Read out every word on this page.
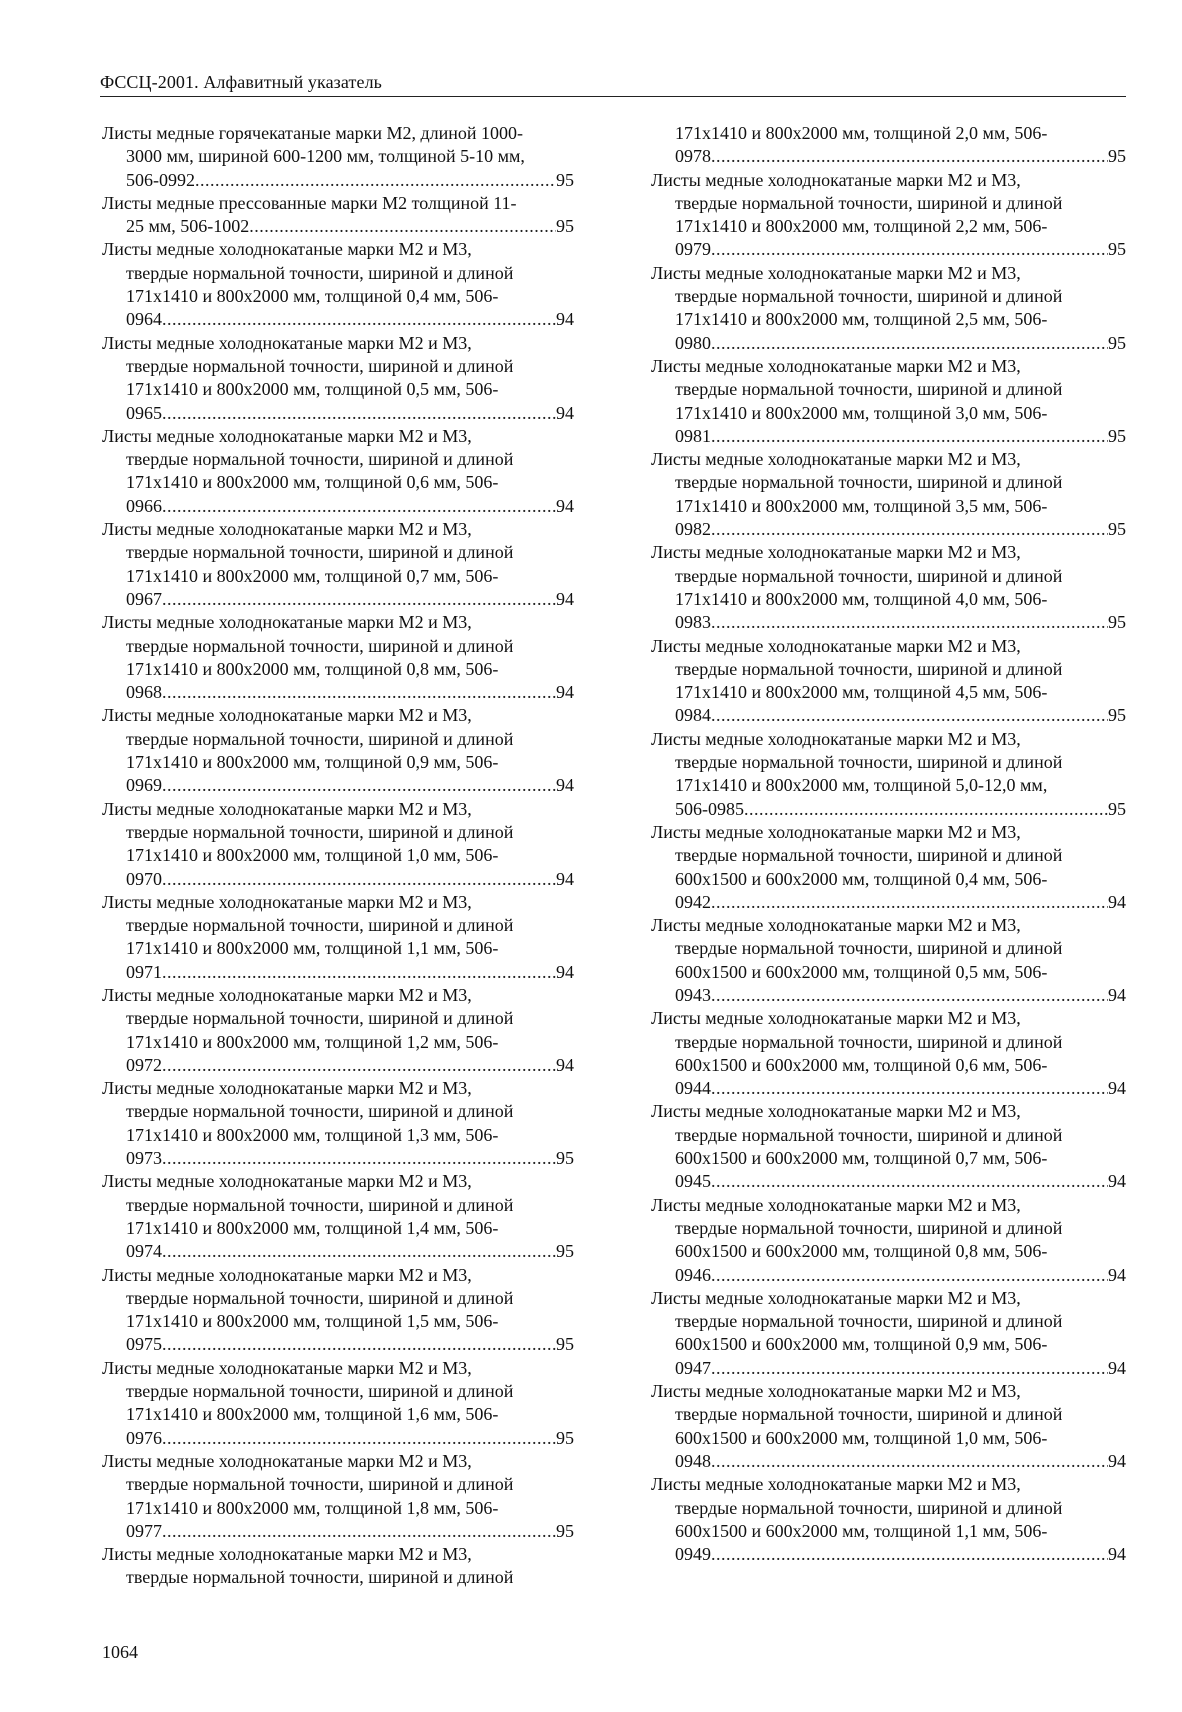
ФССЦ-2001. Алфавитный указатель
Листы медные горячекатаные марки М2, длиной 1000-
3000 мм, шириной 600-1200 мм, толщиной 5-10 мм,
506-0992 .....	95
Листы медные прессованные марки М2 толщиной 11-
25 мм, 506-1002 .....	95
Листы медные холоднокатаные марки М2 и М3,
твердые нормальной точности, шириной и длиной
171x1410 и 800x2000 мм, толщиной 0,4 мм, 506-
0964 .....	94
Листы медные холоднокатаные марки М2 и М3,
твердые нормальной точности, шириной и длиной
171x1410 и 800x2000 мм, толщиной 0,5 мм, 506-
0965 .....	94
Листы медные холоднокатаные марки М2 и М3,
твердые нормальной точности, шириной и длиной
171x1410 и 800x2000 мм, толщиной 0,6 мм, 506-
0966 .....	94
Листы медные холоднокатаные марки М2 и М3,
твердые нормальной точности, шириной и длиной
171x1410 и 800x2000 мм, толщиной 0,7 мм, 506-
0967 .....	94
Листы медные холоднокатаные марки М2 и М3,
твердые нормальной точности, шириной и длиной
171x1410 и 800x2000 мм, толщиной 0,8 мм, 506-
0968 .....	94
Листы медные холоднокатаные марки М2 и М3,
твердые нормальной точности, шириной и длиной
171x1410 и 800x2000 мм, толщиной 0,9 мм, 506-
0969 .....	94
Листы медные холоднокатаные марки М2 и М3,
твердые нормальной точности, шириной и длиной
171x1410 и 800x2000 мм, толщиной 1,0 мм, 506-
0970 .....	94
Листы медные холоднокатаные марки М2 и М3,
твердые нормальной точности, шириной и длиной
171x1410 и 800x2000 мм, толщиной 1,1 мм, 506-
0971 .....	94
Листы медные холоднокатаные марки М2 и М3,
твердые нормальной точности, шириной и длиной
171x1410 и 800x2000 мм, толщиной 1,2 мм, 506-
0972 .....	94
Листы медные холоднокатаные марки М2 и М3,
твердые нормальной точности, шириной и длиной
171x1410 и 800x2000 мм, толщиной 1,3 мм, 506-
0973 .....	95
Листы медные холоднокатаные марки М2 и М3,
твердые нормальной точности, шириной и длиной
171x1410 и 800x2000 мм, толщиной 1,4 мм, 506-
0974 .....	95
Листы медные холоднокатаные марки М2 и М3,
твердые нормальной точности, шириной и длиной
171x1410 и 800x2000 мм, толщиной 1,5 мм, 506-
0975 .....	95
Листы медные холоднокатаные марки М2 и М3,
твердые нормальной точности, шириной и длиной
171x1410 и 800x2000 мм, толщиной 1,6 мм, 506-
0976 .....	95
Листы медные холоднокатаные марки М2 и М3,
твердые нормальной точности, шириной и длиной
171x1410 и 800x2000 мм, толщиной 1,8 мм, 506-
0977 .....	95
Листы медные холоднокатаные марки М2 и М3,
твердые нормальной точности, шириной и длиной
171x1410 и 800x2000 мм, толщиной 2,0 мм, 506-
0978 .....	95
Листы медные холоднокатаные марки М2 и М3,
твердые нормальной точности, шириной и длиной
171x1410 и 800x2000 мм, толщиной 2,2 мм, 506-
0979 .....	95
Листы медные холоднокатаные марки М2 и М3,
твердые нормальной точности, шириной и длиной
171x1410 и 800x2000 мм, толщиной 2,5 мм, 506-
0980 .....	95
Листы медные холоднокатаные марки М2 и М3,
твердые нормальной точности, шириной и длиной
171x1410 и 800x2000 мм, толщиной 3,0 мм, 506-
0981 .....	95
Листы медные холоднокатаные марки М2 и М3,
твердые нормальной точности, шириной и длиной
171x1410 и 800x2000 мм, толщиной 3,5 мм, 506-
0982 .....	95
Листы медные холоднокатаные марки М2 и М3,
твердые нормальной точности, шириной и длиной
171x1410 и 800x2000 мм, толщиной 4,0 мм, 506-
0983 .....	95
Листы медные холоднокатаные марки М2 и М3,
твердые нормальной точности, шириной и длиной
171x1410 и 800x2000 мм, толщиной 4,5 мм, 506-
0984 .....	95
Листы медные холоднокатаные марки М2 и М3,
твердые нормальной точности, шириной и длиной
171x1410 и 800x2000 мм, толщиной 5,0-12,0 мм,
506-0985 .....	95
Листы медные холоднокатаные марки М2 и М3,
твердые нормальной точности, шириной и длиной
600x1500 и 600x2000 мм, толщиной 0,4 мм, 506-
0942 .....	94
Листы медные холоднокатаные марки М2 и М3,
твердые нормальной точности, шириной и длиной
600x1500 и 600x2000 мм, толщиной 0,5 мм, 506-
0943 .....	94
Листы медные холоднокатаные марки М2 и М3,
твердые нормальной точности, шириной и длиной
600x1500 и 600x2000 мм, толщиной 0,6 мм, 506-
0944 .....	94
Листы медные холоднокатаные марки М2 и М3,
твердые нормальной точности, шириной и длиной
600x1500 и 600x2000 мм, толщиной 0,7 мм, 506-
0945 .....	94
Листы медные холоднокатаные марки М2 и М3,
твердые нормальной точности, шириной и длиной
600x1500 и 600x2000 мм, толщиной 0,8 мм, 506-
0946 .....	94
Листы медные холоднокатаные марки М2 и М3,
твердые нормальной точности, шириной и длиной
600x1500 и 600x2000 мм, толщиной 0,9 мм, 506-
0947 .....	94
Листы медные холоднокатаные марки М2 и М3,
твердые нормальной точности, шириной и длиной
600x1500 и 600x2000 мм, толщиной 1,0 мм, 506-
0948 .....	94
Листы медные холоднокатаные марки М2 и М3,
твердые нормальной точности, шириной и длиной
600x1500 и 600x2000 мм, толщиной 1,1 мм, 506-
0949 .....	94
1064
